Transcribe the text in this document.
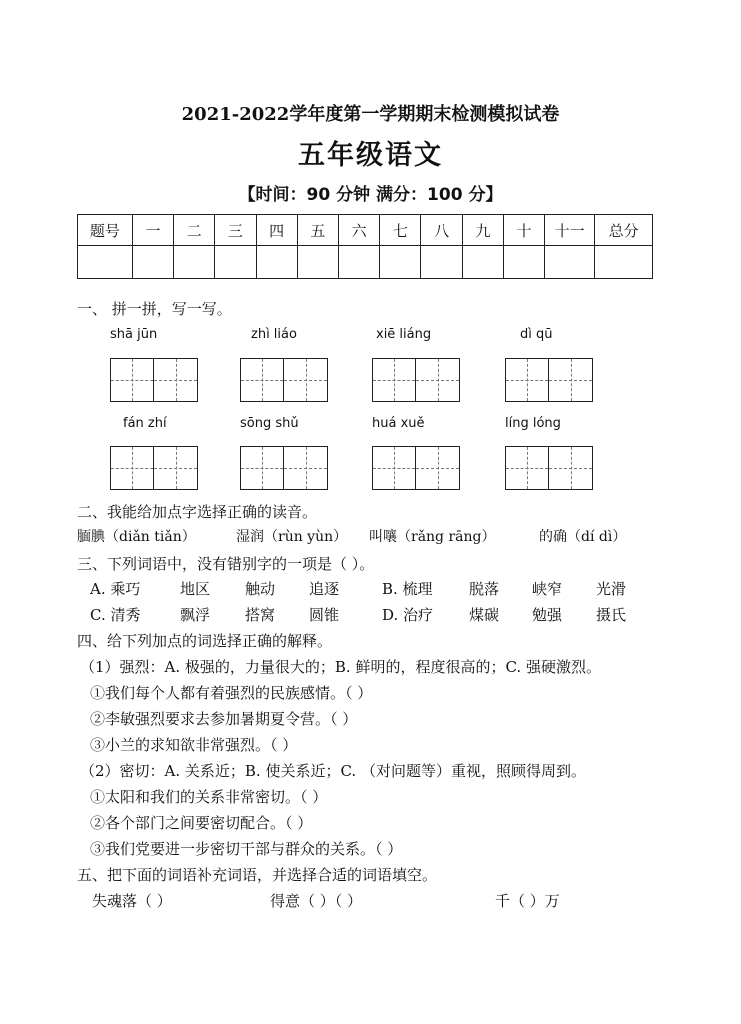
2021-2022学年度第一学期期末检测模拟试卷
五年级语文
【时间：90 分钟 满分：100 分】
题号	一	二	三	四	五	六	七	八	九	十	十一	总分

一、 拼一拼，写一写。
shā jūn	zhì liáo	xiē liáng	dì qū
fán zhí	sōng shǔ	huá xuě	líng lóng
二、我能给加点字选择正确的读音。
腼腆（diǎn tiǎn）	湿润（rùn yùn） 叫嚷（rǎng rāng）	的确（dí dì）
三、下列词语中，没有错别字的一项是（ ）。
A. 乘巧	地区 触动 追逐	B. 梳理 脱落 峡窄 光滑
C. 清秀	飘浮 搭窝 圆锥	D. 治疗 煤碳 勉强 摄氏
四、给下列加点的词选择正确的解释。
（1）强烈：A. 极强的，力量很大的；B. 鲜明的，程度很高的；C. 强硬激烈。
①我们每个人都有着强烈的民族感情。（ ）
②李敏强烈要求去参加暑期夏令营。（ ）
③小兰的求知欲非常强烈。（ ）
（2）密切：A. 关系近；B. 使关系近；C. （对问题等）重视，照顾得周到。
①太阳和我们的关系非常密切。（ ）
②各个部门之间要密切配合。（ ）
③我们党要进一步密切干部与群众的关系。（ ）
五、把下面的词语补充词语，并选择合适的词语填空。
失魂落（ ）	得意（ ）（ ）	千（ ）万
